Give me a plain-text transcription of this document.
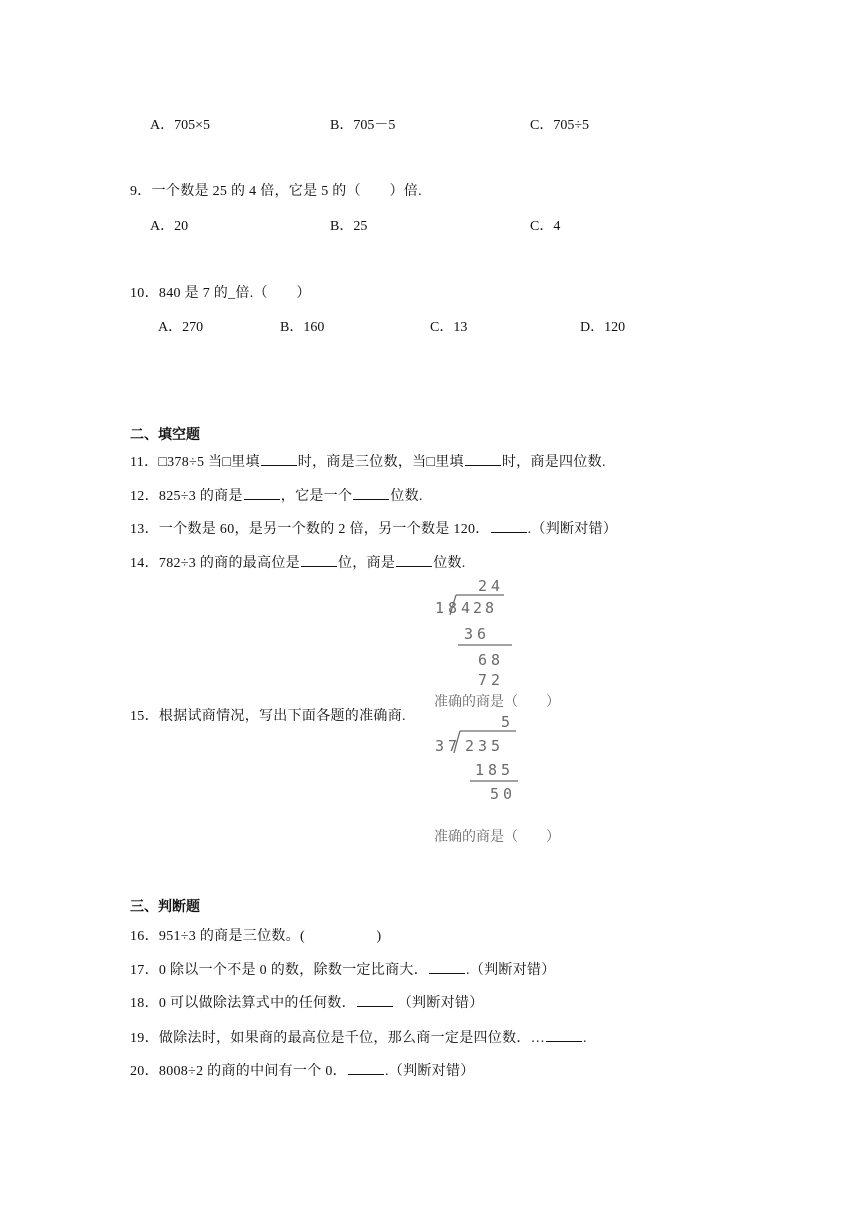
A．705×5	B．705－5	C．705÷5
9．一个数是 25 的 4 倍，它是 5 的（　　）倍.
A．20	B．25	C．4
10．840 是 7 的_倍.（　　）
A．270	B．160	C．13	D．120
二、填空题
11．□378÷5 当□里填	时，商是三位数，当□里填	时，商是四位数.
12．825÷3 的商是	，它是一个	位数.
13．一个数是 60，是另一个数的 2 倍，另一个数是 120．	.（判断对错）
14．782÷3 的商的最高位是	位，商是	位数.
15．根据试商情况，写出下面各题的准确商.
24
18 428
36
68
72
准确的商是（　　）
5
37 235
185
50
准确的商是（　　）
三、判断题
16．951÷3 的商是三位数。(　　　　　)
17．0 除以一个不是 0 的数，除数一定比商大．	.（判断对错）
18．0 可以做除法算式中的任何数．	（判断对错）
19．做除法时，如果商的最高位是千位，那么商一定是四位数．…	.
20．8008÷2 的商的中间有一个 0．	.（判断对错）
